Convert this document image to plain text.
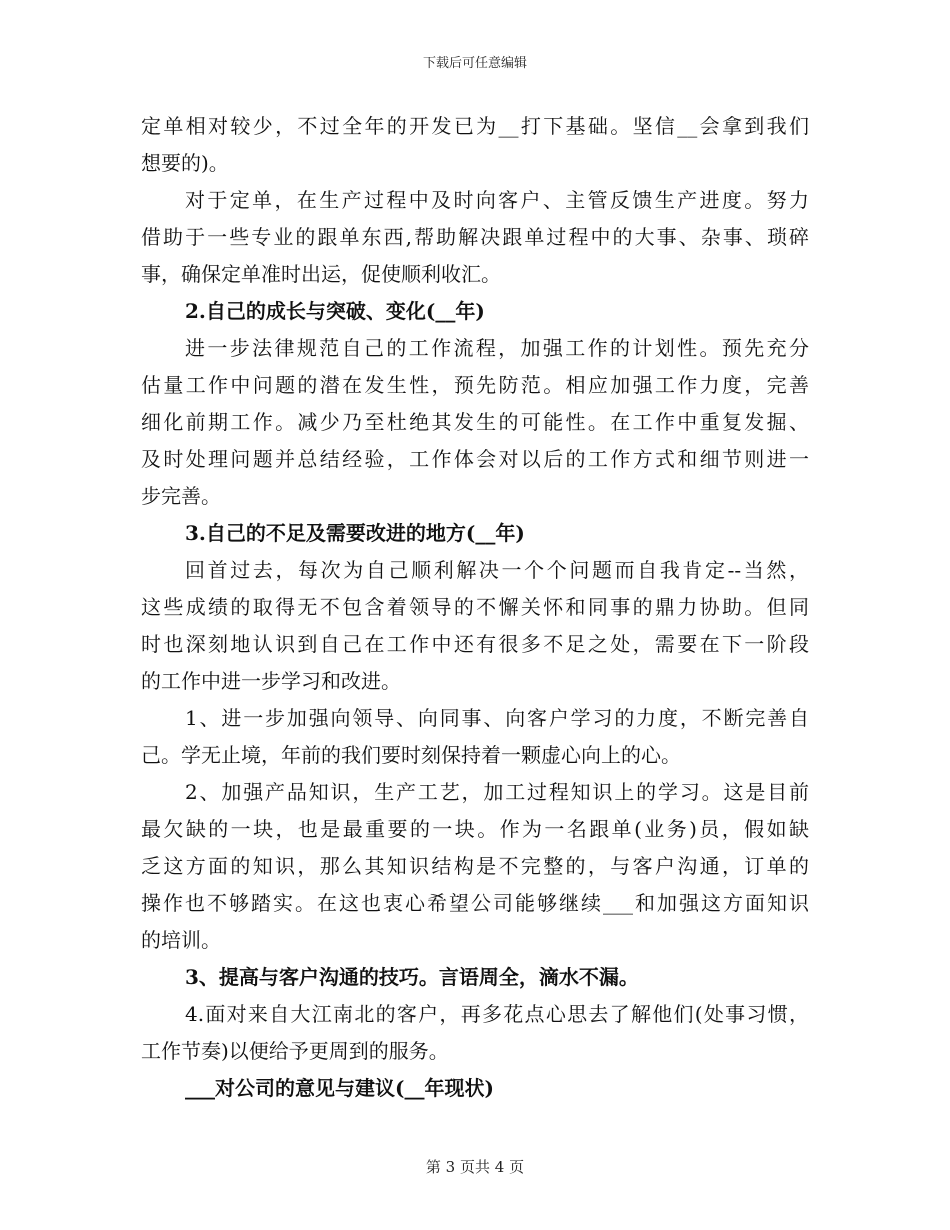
下载后可任意编辑
定单相对较少，不过全年的开发已为__打下基础。坚信__会拿到我们
想要的)。
对于定单，在生产过程中及时向客户、主管反馈生产进度。努力
借助于一些专业的跟单东西,帮助解决跟单过程中的大事、杂事、琐碎
事，确保定单准时出运，促使顺利收汇。
2.自己的成长与突破、变化(__年)
进一步法律规范自己的工作流程，加强工作的计划性。预先充分
估量工作中问题的潜在发生性，预先防范。相应加强工作力度，完善
细化前期工作。减少乃至杜绝其发生的可能性。在工作中重复发掘、
及时处理问题并总结经验，工作体会对以后的工作方式和细节则进一
步完善。
3.自己的不足及需要改进的地方(__年)
回首过去，每次为自己顺利解决一个个问题而自我肯定--当然，
这些成绩的取得无不包含着领导的不懈关怀和同事的鼎力协助。但同
时也深刻地认识到自己在工作中还有很多不足之处，需要在下一阶段
的工作中进一步学习和改进。
1、进一步加强向领导、向同事、向客户学习的力度，不断完善自
己。学无止境，年前的我们要时刻保持着一颗虚心向上的心。
2、加强产品知识，生产工艺，加工过程知识上的学习。这是目前
最欠缺的一块，也是最重要的一块。作为一名跟单(业务)员，假如缺
乏这方面的知识，那么其知识结构是不完整的，与客户沟通，订单的
操作也不够踏实。在这也衷心希望公司能够继续___和加强这方面知识
的培训。
3、提高与客户沟通的技巧。言语周全，滴水不漏。
4.面对来自大江南北的客户，再多花点心思去了解他们(处事习惯，
工作节奏)以便给予更周到的服务。
___对公司的意见与建议(__年现状)
第 3 页共 4 页
